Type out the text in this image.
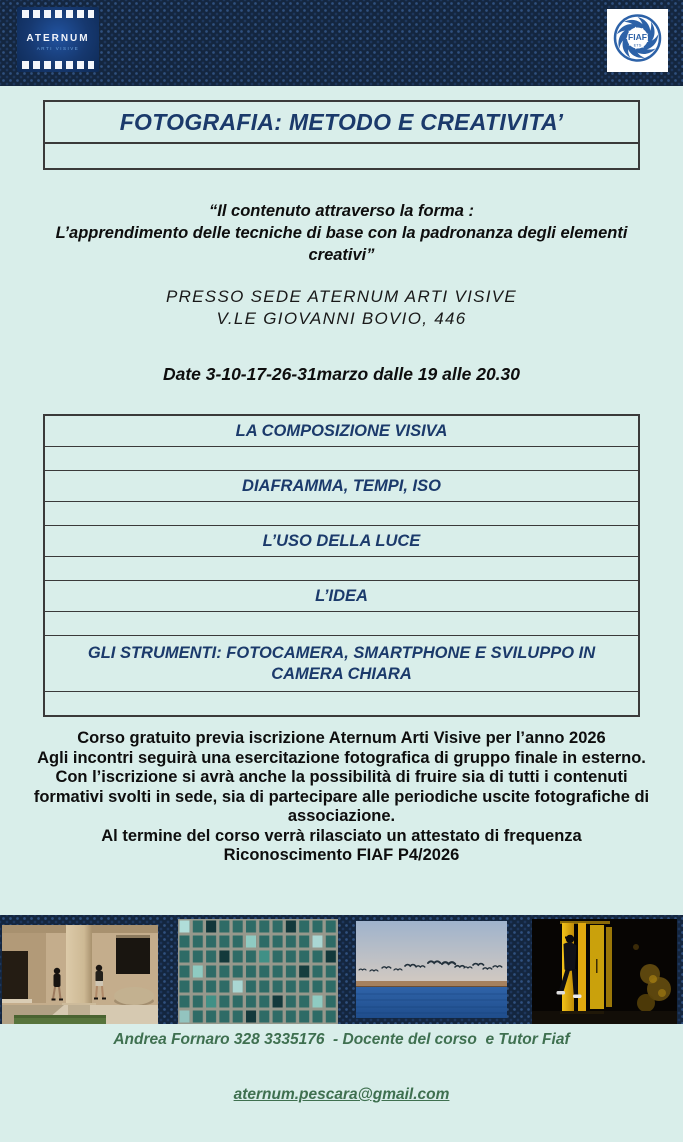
ATERNUM
ARTI VISIVE
FIAF
ETS
FOTOGRAFIA: METODO E CREATIVITA’
“Il contenuto attraverso la forma :
L’apprendimento delle tecniche di base con la padronanza degli elementi
creativi”
PRESSO SEDE ATERNUM ARTI VISIVE
V.LE GIOVANNI BOVIO, 446
Date 3-10-17-26-31marzo dalle 19 alle 20.30
LA COMPOSIZIONE VISIVA
DIAFRAMMA, TEMPI, ISO
L’USO DELLA LUCE
L’IDEA
GLI STRUMENTI: FOTOCAMERA, SMARTPHONE E SVILUPPO IN CAMERA CHIARA
Corso gratuito previa iscrizione Aternum Arti Visive per l’anno 2026
Agli incontri seguirà una esercitazione fotografica di gruppo finale in esterno. Con l’iscrizione si avrà anche la possibilità di fruire sia di tutti i contenuti formativi svolti in sede, sia di partecipare alle periodiche uscite fotografiche di associazione.
Al termine del corso verrà rilasciato un attestato di frequenza
Riconoscimento FIAF P4/2026

Andrea Fornaro 328 3335176  - Docente del corso  e Tutor Fiaf

aternum.pescara@gmail.com
